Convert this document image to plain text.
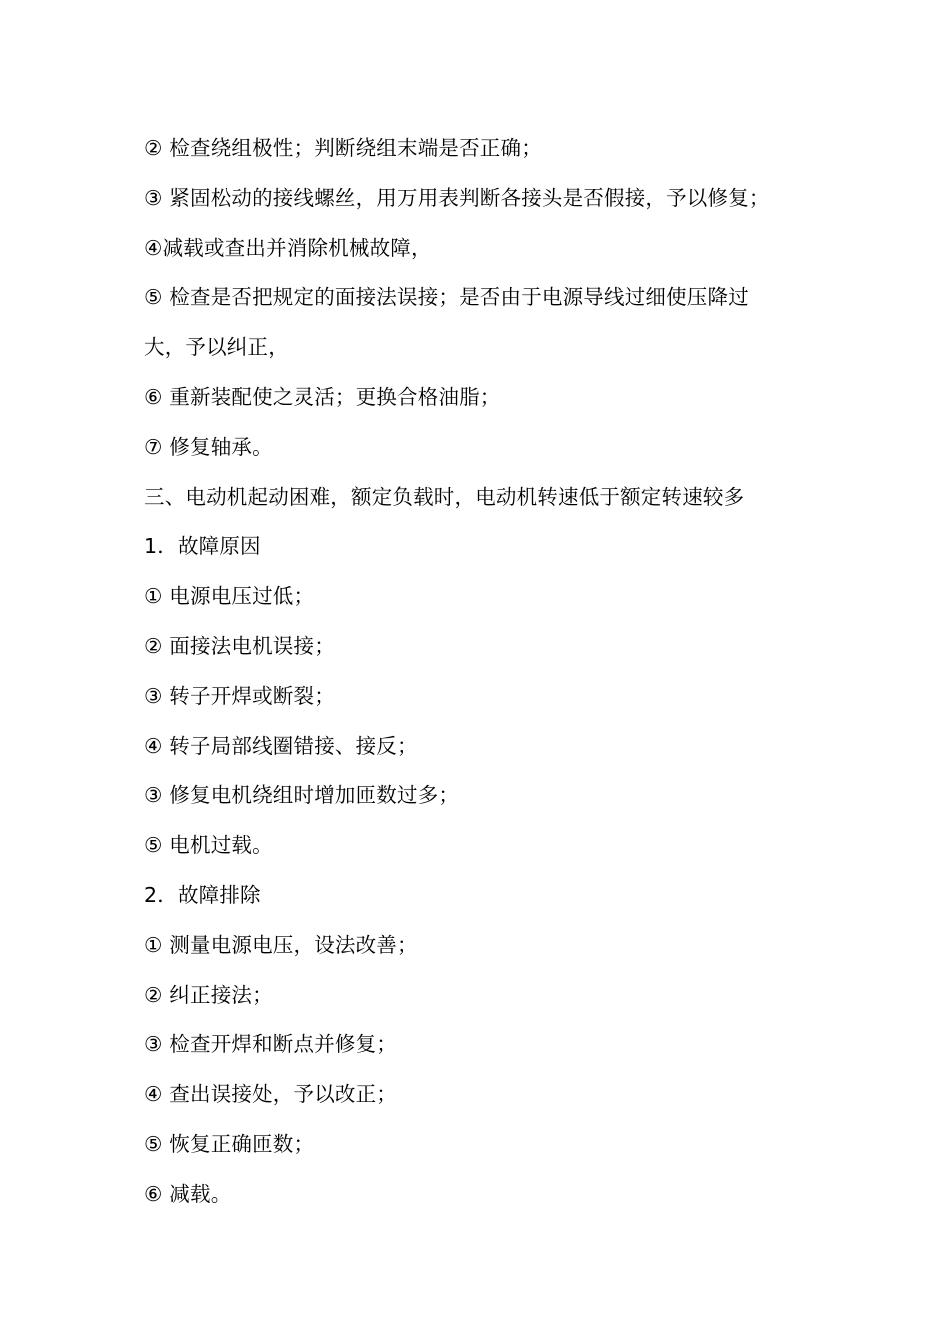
② 检查绕组极性；判断绕组末端是否正确；
③ 紧固松动的接线螺丝，用万用表判断各接头是否假接，予以修复；
④减载或查出并消除机械故障，
⑤ 检查是否把规定的面接法误接；是否由于电源导线过细使压降过
大，予以纠正，
⑥ 重新装配使之灵活；更换合格油脂；
⑦ 修复轴承。
三、电动机起动困难，额定负载时，电动机转速低于额定转速较多
1．故障原因
① 电源电压过低；
② 面接法电机误接；
③ 转子开焊或断裂；
④ 转子局部线圈错接、接反；
③ 修复电机绕组时增加匝数过多；
⑤ 电机过载。
2．故障排除
① 测量电源电压，设法改善；
② 纠正接法；
③ 检查开焊和断点并修复；
④ 查出误接处，予以改正；
⑤ 恢复正确匝数；
⑥ 减载。
